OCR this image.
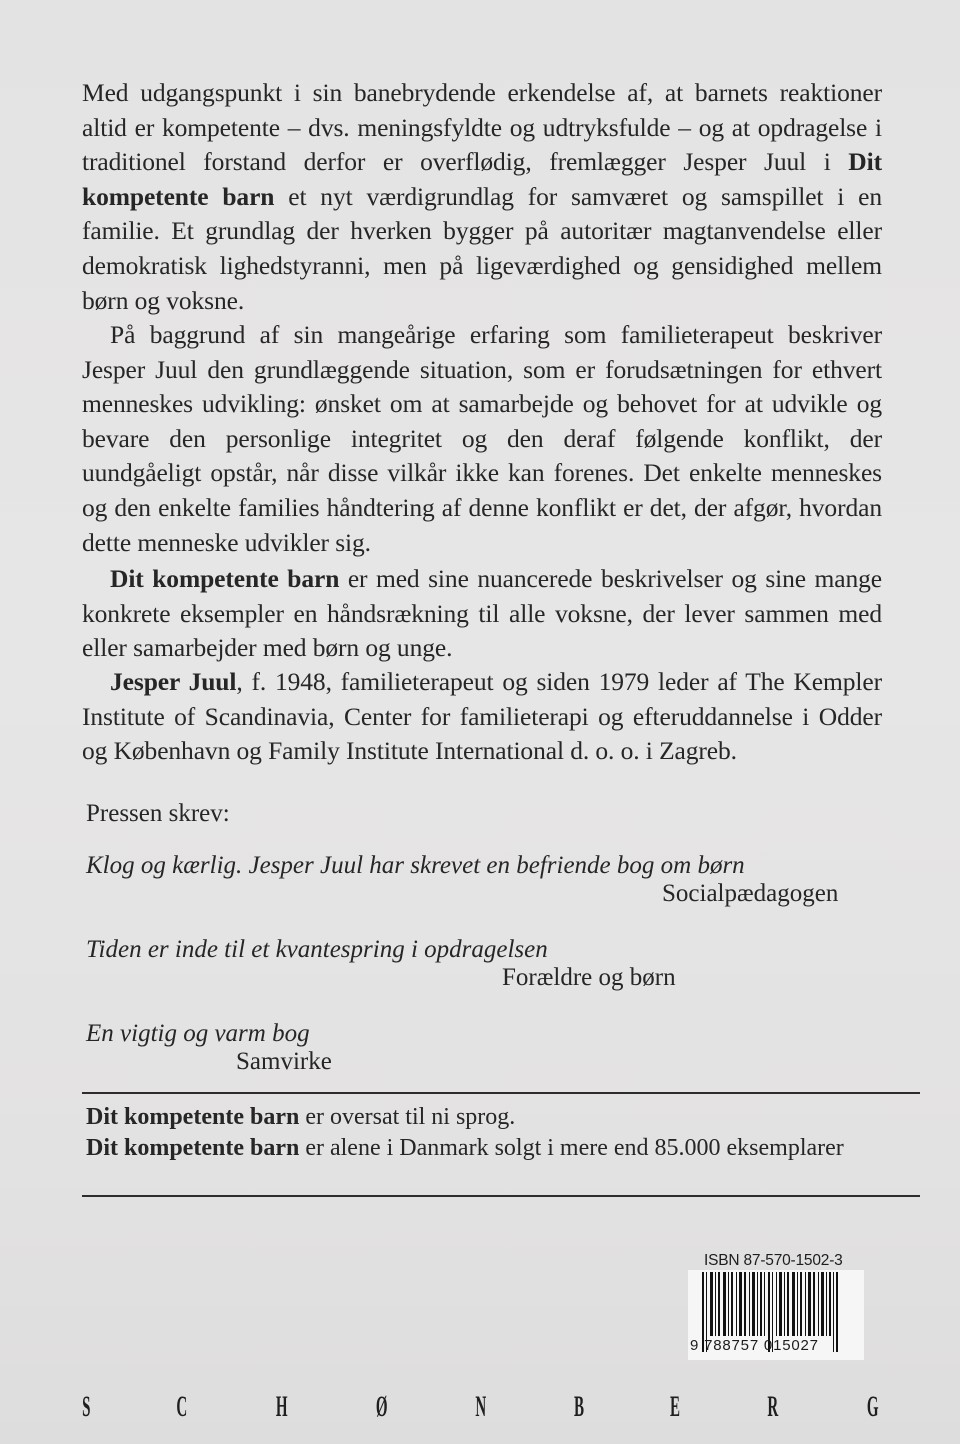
Med udgangspunkt i sin banebrydende erkendelse af, at barnets reaktioner altid er kompetente – dvs. meningsfyldte og udtryksfulde – og at opdragelse i traditionel forstand derfor er overflødig, fremlægger Jesper Juul i Dit kompetente barn et nyt værdigrundlag for samværet og samspillet i en familie. Et grundlag der hverken bygger på autoritær magtanvendelse eller demokratisk lighedstyranni, men på ligeværdighed og gensidighed mellem børn og voksne.
På baggrund af sin mangeårige erfaring som familieterapeut beskriver Jesper Juul den grundlæggende situation, som er forudsætningen for ethvert menneskes udvikling: ønsket om at samarbejde og behovet for at udvikle og bevare den personlige integritet og den deraf følgende konflikt, der uundgåeligt opstår, når disse vilkår ikke kan forenes. Det enkelte menneskes og den enkelte families håndtering af denne konflikt er det, der afgør, hvordan dette menneske udvikler sig.
Dit kompetente barn er med sine nuancerede beskrivelser og sine mange konkrete eksempler en håndsrækning til alle voksne, der lever sammen med eller samarbejder med børn og unge.
Jesper Juul, f. 1948, familieterapeut og siden 1979 leder af The Kempler Institute of Scandinavia, Center for familieterapi og efteruddannelse i Odder og København og Family Institute International d. o. o. i Zagreb.
Pressen skrev:
Klog og kærlig. Jesper Juul har skrevet en befriende bog om børn
Socialpædagogen
Tiden er inde til et kvantespring i opdragelsen
Forældre og børn
En vigtig og varm bog
Samvirke
Dit kompetente barn er oversat til ni sprog.
Dit kompetente barn er alene i Danmark solgt i mere end 85.000 eksemplarer
ISBN 87-570-1502-3
9 788757 015027
S	C	H	Ø	N	B	E	R	G
